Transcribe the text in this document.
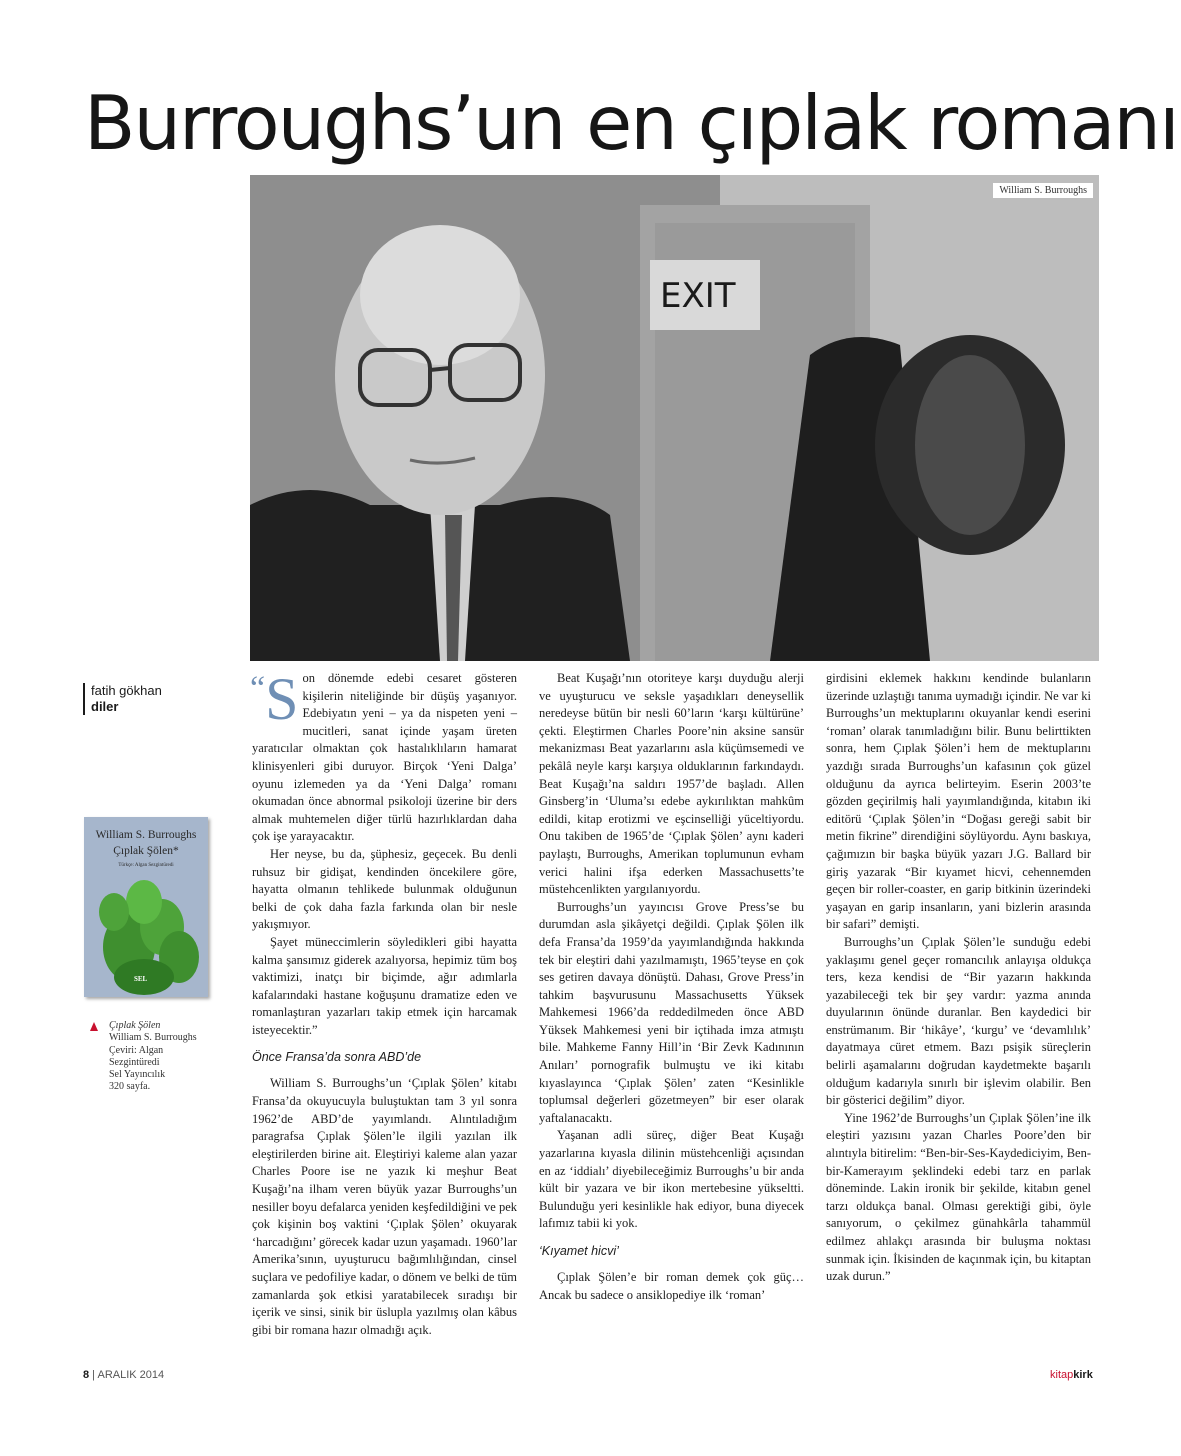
Burroughs’un en çıplak romanı
EXIT
William S. Burroughs
fatih gökhan
diler
William S. Burroughs
Çıplak Şölen*
Türkçe: Algan Sezgintüredi
SEL
Çıplak Şölen
William S. Burroughs
Çeviri: Algan
Sezgintüredi
Sel Yayıncılık
320 sayfa.
“S on dönemde edebi cesaret gösteren kişilerin niteliğinde bir düşüş yaşanıyor. Edebiyatın yeni – ya da nispeten yeni – mucitleri, sanat içinde yaşam üreten yaratıcılar olmaktan çok hastalıklıların hamarat klinisyenleri gibi duruyor. Birçok ‘Yeni Dalga’ oyunu izlemeden ya da ‘Yeni Dalga’ romanı okumadan önce abnormal psikoloji üzerine bir ders almak muhtemelen diğer türlü hazırlıklardan daha çok işe yarayacaktır.

Her neyse, bu da, şüphesiz, geçecek. Bu denli ruhsuz bir gidişat, kendinden öncekilere göre, hayatta olmanın tehlikede bulunmak olduğunun belki de çok daha fazla farkında olan bir nesle yakışmıyor.

Şayet müneccimlerin söyledikleri gibi hayatta kalma şansımız giderek azalıyorsa, hepimiz tüm boş vaktimizi, inatçı bir biçimde, ağır adımlarla kafalarındaki hastane koğuşunu dramatize eden ve romanlaştıran yazarları takip etmek için harcamak isteyecektir.”

Önce Fransa’da sonra ABD’de

William S. Burroughs’un ‘Çıplak Şölen’ kitabı Fransa’da okuyucuyla buluştuktan tam 3 yıl sonra 1962’de ABD’de yayımlandı. Alıntıladığım paragrafsa Çıplak Şölen’le ilgili yazılan ilk eleştirilerden birine ait. Eleştiriyi kaleme alan yazar Charles Poore ise ne yazık ki meşhur Beat Kuşağı’na ilham veren büyük yazar Burroughs’un nesiller boyu defalarca yeniden keşfedildiğini ve pek çok kişinin boş vaktini ‘Çıplak Şölen’ okuyarak ‘harcadığını’ görecek kadar uzun yaşamadı. 1960’lar Amerika’sının, uyuşturucu bağımlılığından, cinsel suçlara ve pedofiliye kadar, o dönem ve belki de tüm zamanlarda şok etkisi yaratabilecek sıradışı bir içerik ve sinsi, sinik bir üslupla yazılmış olan kâbus gibi bir romana hazır olmadığı açık.

Beat Kuşağı’nın otoriteye karşı duyduğu alerji ve uyuşturucu ve seksle yaşadıkları deneysellik neredeyse bütün bir nesli 60’ların ‘karşı kültürüne’ çekti. Eleştirmen Charles Poore’nin aksine sansür mekanizması Beat yazarlarını asla küçümsemedi ve pekâlâ neyle karşı karşıya olduklarının farkındaydı. Beat Kuşağı’na saldırı 1957’de başladı. Allen Ginsberg’in ‘Uluma’sı edebe aykırılıktan mahkûm edildi, kitap erotizmi ve eşcinselliği yüceltiyordu. Onu takiben de 1965’de ‘Çıplak Şölen’ aynı kaderi paylaştı, Burroughs, Amerikan toplumunun evham verici halini ifşa ederken Massachusetts’te müstehcenlikten yargılanıyordu.

Burroughs’un yayıncısı Grove Press’se bu durumdan asla şikâyetçi değildi. Çıplak Şölen ilk defa Fransa’da 1959’da yayımlandığında hakkında tek bir eleştiri dahi yazılmamıştı, 1965’teyse en çok ses getiren davaya dönüştü. Dahası, Grove Press’in tahkim başvurusunu Massachusetts Yüksek Mahkemesi 1966’da reddedilmeden önce ABD Yüksek Mahkemesi yeni bir içtihada imza atmıştı bile. Mahkeme Fanny Hill’in ‘Bir Zevk Kadınının Anıları’ pornografik bulmuştu ve iki kitabı kıyaslayınca ‘Çıplak Şölen’ zaten “Kesinlikle toplumsal değerleri gözetmeyen” bir eser olarak yaftalanacaktı.

Yaşanan adli süreç, diğer Beat Kuşağı yazarlarına kıyasla dilinin müstehcenliği açısından en az ‘iddialı’ diyebileceğimiz Burroughs’u bir anda kült bir yazara ve bir ikon mertebesine yükseltti. Bulunduğu yeri kesinlikle hak ediyor, buna diyecek lafımız tabii ki yok.

‘Kıyamet hicvi’

Çıplak Şölen’e bir roman demek çok güç… Ancak bu sadece o ansiklopediye ilk ‘roman’

girdisini eklemek hakkını kendinde bulanların üzerinde uzlaştığı tanıma uymadığı içindir. Ne var ki Burroughs’un mektuplarını okuyanlar kendi eserini ‘roman’ olarak tanımladığını bilir. Bunu belirttikten sonra, hem Çıplak Şölen’i hem de mektuplarını yazdığı sırada Burroughs’un kafasının çok güzel olduğunu da ayrıca belirteyim. Eserin 2003’te gözden geçirilmiş hali yayımlandığında, kitabın iki editörü ‘Çıplak Şölen’in “Doğası gereği sabit bir metin fikrine” direndiğini söylüyordu. Aynı baskıya, çağımızın bir başka büyük yazarı J.G. Ballard bir giriş yazarak “Bir kıyamet hicvi, cehennemden geçen bir roller-coaster, en garip bitkinin üzerindeki yaşayan en garip insanların, yani bizlerin arasında bir safari” demişti.

Burroughs’un Çıplak Şölen’le sunduğu edebi yaklaşımı genel geçer romancılık anlayışa oldukça ters, keza kendisi de “Bir yazarın hakkında yazabileceği tek bir şey vardır: yazma anında duyularının önünde duranlar. Ben kaydedici bir enstrümanım. Bir ‘hikâye’, ‘kurgu’ ve ‘devamlılık’ dayatmaya cüret etmem. Bazı psişik süreçlerin belirli aşamalarını doğrudan kaydetmekte başarılı olduğum kadarıyla sınırlı bir işlevim olabilir. Ben bir gösterici değilim” diyor.

Yine 1962’de Burroughs’un Çıplak Şölen’ine ilk eleştiri yazısını yazan Charles Poore’den bir alıntıyla bitirelim: “Ben-bir-Ses-Kaydediciyim, Ben-bir-Kamerayım şeklindeki edebi tarz en parlak döneminde. Lakin ironik bir şekilde, kitabın genel tarzı oldukça banal. Olması gerektiği gibi, öyle sanıyorum, o çekilmez günahkârla tahammül edilmez ahlakçı arasında bir buluşma noktası sunmak için. İkisinden de kaçınmak için, bu kitaptan uzak durun.”

8 | ARALIK 2014	kitapkirk
